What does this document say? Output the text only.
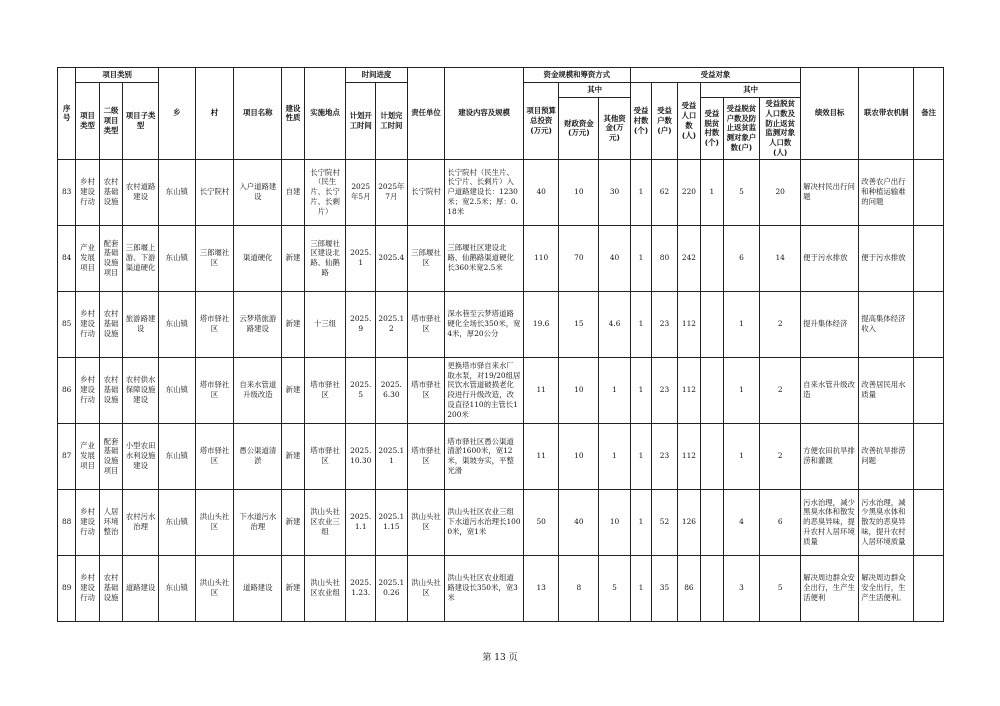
序号	项目类别			乡	村	项目名称	建设性质	实施地点	时间进度		责任单位	建设内容及规模	资金规模和筹资方式			受益对象						绩效目标	联农带农机制	备注
	项目类型	二级项目类型	项目子类型						计划开工时间	计划完工时间			项目预算总投资(万元)	其中		受益村数(个)	受益户数(户)	受益人口数(人)	其中					
														财政资金(万元)	其他资金(万元)				受益脱贫村数(个)	受益脱贫户数及防止返贫监测对象户数(户)	受益脱贫人口数及防止返贫监测对象人口数(人)			
83	乡村建设行动	农村基础设施	农村道路建设	东山镇	长宁院村	入户道路建设	自建	长宁院村（民生片、长宁片、长剩片）	2025年5月	2025年7月	长宁院村	长宁院村（民生片、长宁片、长剩片）入户道路建设长：1230米；宽2.5米；厚：0.18米	40	10	30	1	62	220	1	5	20	解决村民出行问题	改善农户出行和种植运输难的问题	
84	产业发展项目	配套基础设施项目	三郎堰上游、下游渠道硬化	东山镇	三郎堰社区	渠道硬化	新建	三郎堰社区建设北路、仙鹅路	2025.1	2025.4	三郎堰社区	三郎堰社区建设北路、仙鹅路渠道硬化长360米宽2.5米	110	70	40	1	80	242		6	14	便于污水排放	便于污水排放	
85	乡村建设行动	农村基础设施	旅游路建设	东山镇	塔市驿社区	云梦塔旅游路建设	新建	十三组	2025.9	2025.12	塔市驿社区	深水巷至云梦塔道路硬化全场长350米，宽4米，厚20公分	19.6	15	4.6	1	23	112		1	2	提升集体经济	提高集体经济收入	
86	乡村建设行动	农村基础设施	农村供水保障设施建设	东山镇	塔市驿社区	自来水管道升级改造	新建	塔市驿社区	2025.5	2025.6.30	塔市驿社区	更换塔市驿自来水厂取水泵，对19/20组居民饮水管道破损老化段进行升级改造，改设直径110的主管长1200米	11	10	1	1	23	112		1	2	自来水管升级改造	改善居民用水质量	
87	产业发展项目	配套基础设施项目	小型农田水利设施建设	东山镇	塔市驿社区	愚公渠道清淤	新建	塔市驿社区	2025.10.30	2025.11	塔市驿社区	塔市驿社区愚公渠道清淤1600米，宽12米，渠坡夯实，平整光滑	11	10	1	1	23	112		1	2	方便农田抗旱排涝和灌溉	改善抗旱排涝问题	
88	乡村建设行动	人居环境整治	农村污水治理	东山镇	洪山头社区	下水道污水治理	新建	洪山头社区农业三组	2025.1.1	2025.11.15	洪山头社区	洪山头社区农业三组下水道污水治理长1000米，宽1米	50	40	10	1	52	126		4	6	污水治理，减少黑臭水体和散发的恶臭异味，提升农村人居环境质量	污水治理，减少黑臭水体和散发的恶臭异味，提升农村人居环境质量	
89	乡村建设行动	农村基础设施	道路建设	东山镇	洪山头社区	道路建设	新建	洪山头社区农业组	2025.1.23.	2025.10.26	洪山头社区	洪山头社区农业组道路建设长350米，宽3米	13	8	5	1	35	86		3	5	解决周边群众安全出行，生产生活便利	解决周边群众安全出行，生产生活便利。	
第 13 页
